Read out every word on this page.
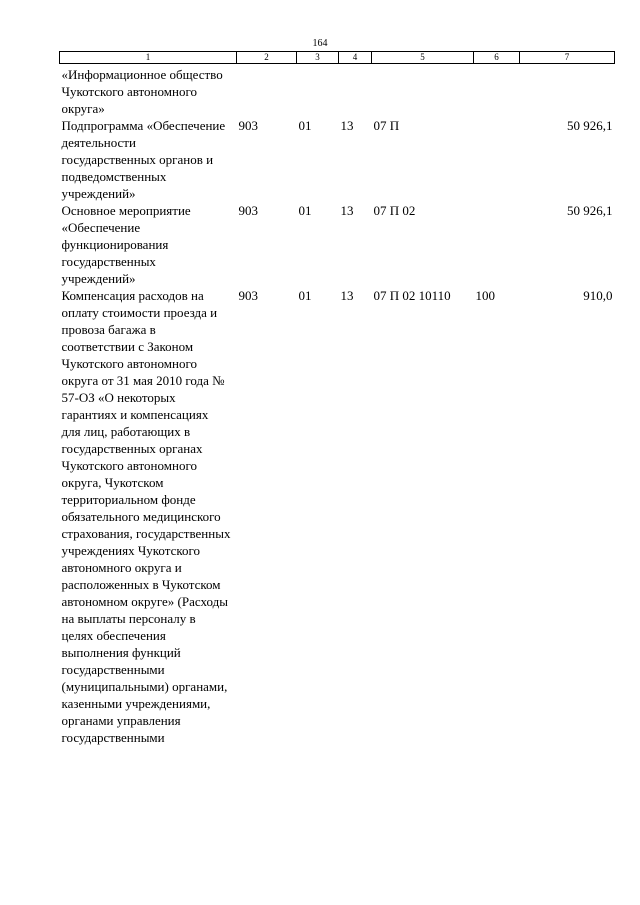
164
1	2	3	4	5	6	7
«Информационное общество Чукотского автономного округа»						
Подпрограмма «Обеспечение деятельности государственных органов и подведомственных учреждений»	903	01	13	07 П		50 926,1
Основное мероприятие «Обеспечение функционирования государственных учреждений»	903	01	13	07 П 02		50 926,1
Компенсация расходов на оплату стоимости проезда и провоза багажа в соответствии с Законом Чукотского автономного округа от 31 мая 2010 года № 57-ОЗ «О некоторых гарантиях и компенсациях для лиц, работающих в государственных органах Чукотского автономного округа, Чукотском территориальном фонде обязательного медицинского страхования, государственных учреждениях Чукотского автономного округа и расположенных в Чукотском автономном округе» (Расходы на выплаты персоналу в целях обеспечения выполнения функций государственными (муниципальными) органами, казенными учреждениями, органами управления государственными	903	01	13	07 П 02 10110	100	910,0
